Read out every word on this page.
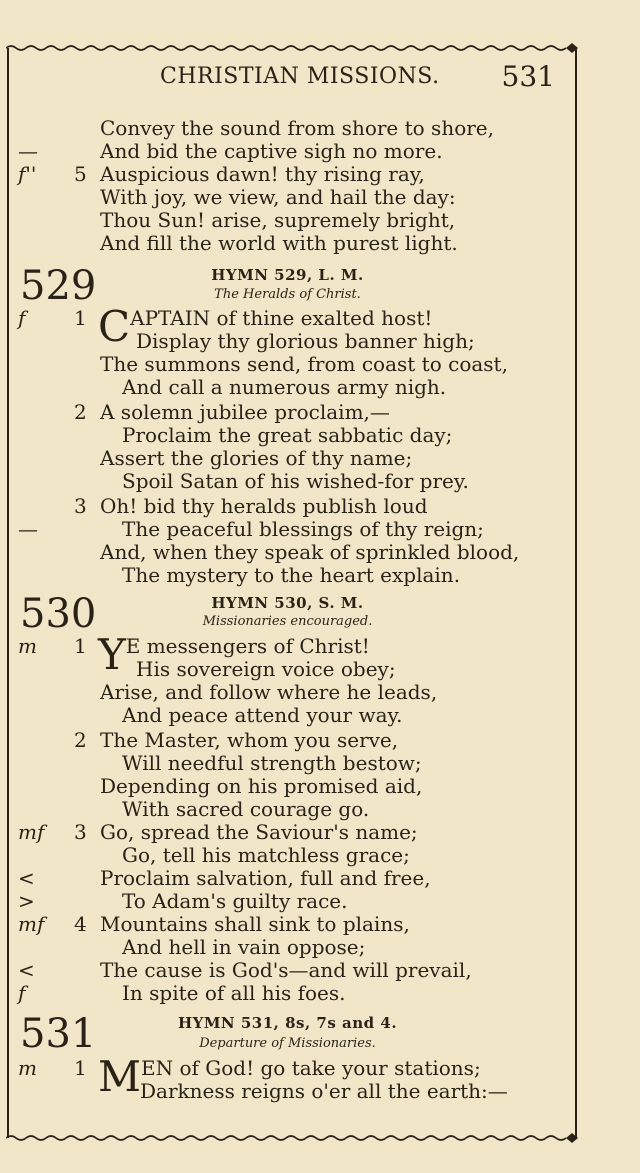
CHRISTIAN MISSIONS. 531
Convey the sound from shore to shore,
—	And bid the captive sigh no more.
f'' 5 Auspicious dawn! thy rising ray,
With joy, we view, and hail the day:
Thou Sun! arise, supremely bright,
And fill the world with purest light.
529	HYMN 529, L. M.
The Heralds of Christ.
f 1 CAPTAIN of thine exalted host!
Display thy glorious banner high;
The summons send, from coast to coast,
And call a numerous army nigh.
2 A solemn jubilee proclaim,—
Proclaim the great sabbatic day;
Assert the glories of thy name;
Spoil Satan of his wished-for prey.
3 Oh! bid thy heralds publish loud
—	The peaceful blessings of thy reign;
And, when they speak of sprinkled blood,
The mystery to the heart explain.
530	HYMN 530, S. M.
Missionaries encouraged.
m 1 YE messengers of Christ!
His sovereign voice obey;
Arise, and follow where he leads,
And peace attend your way.
2 The Master, whom you serve,
Will needful strength bestow;
Depending on his promised aid,
With sacred courage go.
mf 3 Go, spread the Saviour's name;
Go, tell his matchless grace;
<	Proclaim salvation, full and free,
>	To Adam's guilty race.
mf 4 Mountains shall sink to plains,
And hell in vain oppose;
<	The cause is God's—and will prevail,
f	In spite of all his foes.
531	HYMN 531, 8s, 7s and 4.
Departure of Missionaries.
m 1 MEN of God! go take your stations;
Darkness reigns o'er all the earth:—
